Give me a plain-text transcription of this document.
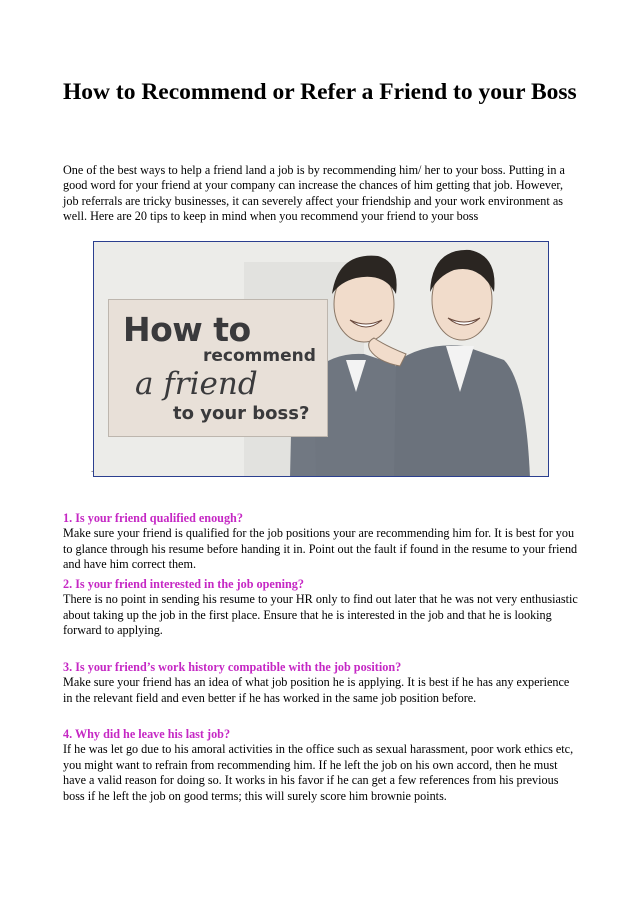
How to Recommend or Refer a Friend to your Boss

One of the best ways to help a friend land a job is by recommending him/ her to your boss. Putting in a good word for your friend at your company can increase the chances of him getting that job. However, job referrals are tricky businesses, it can severely affect your friendship and your work environment as well. Here are 20 tips to keep in mind when you recommend your friend to your boss

How to
recommend
a friend
to your boss?
.
1. Is your friend qualified enough?

Make sure your friend is qualified for the job positions your are recommending him for. It is best for you to glance through his resume before handing it in. Point out the fault if found in the resume to your friend and have him correct them.

2. Is your friend interested in the job opening?

There is no point in sending his resume to your HR only to find out later that he was not very enthusiastic about taking up the job in the first place. Ensure that he is interested in the job and that he is looking forward to applying.

3. Is your friend’s work history compatible with the job position?

Make sure your friend has an idea of what job position he is applying. It is best if he has any experience in the relevant field and even better if he has worked in the same job position before.

4. Why did he leave his last job?

If he was let go due to his amoral activities in the office such as sexual harassment, poor work ethics etc, you might want to refrain from recommending him. If he left the job on his own accord, then he must have a valid reason for doing so. It works in his favor if he can get a few references from his previous boss if he left the job on good terms; this will surely score him brownie points.
